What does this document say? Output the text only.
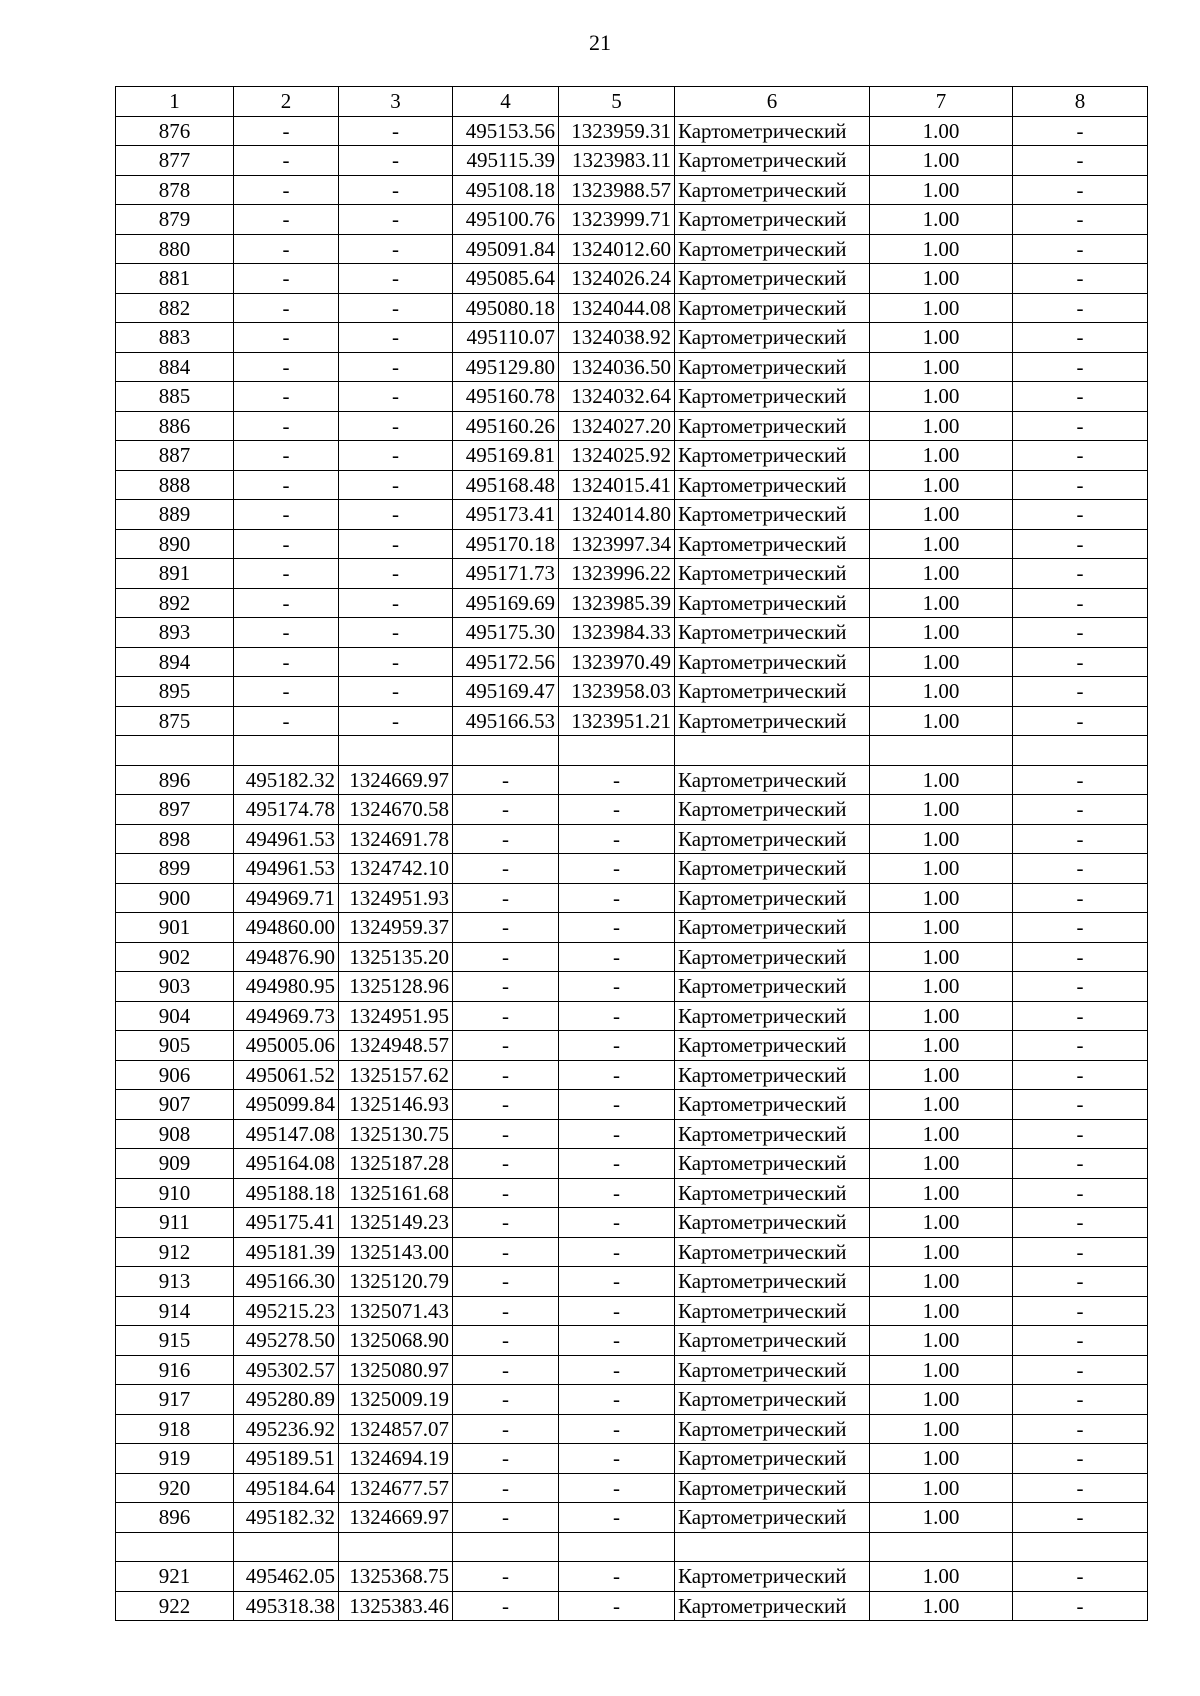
21
1	2	3	4	5	6	7	8
876	-	-	495153.56	1323959.31	Картометрический	1.00	-
877	-	-	495115.39	1323983.11	Картометрический	1.00	-
878	-	-	495108.18	1323988.57	Картометрический	1.00	-
879	-	-	495100.76	1323999.71	Картометрический	1.00	-
880	-	-	495091.84	1324012.60	Картометрический	1.00	-
881	-	-	495085.64	1324026.24	Картометрический	1.00	-
882	-	-	495080.18	1324044.08	Картометрический	1.00	-
883	-	-	495110.07	1324038.92	Картометрический	1.00	-
884	-	-	495129.80	1324036.50	Картометрический	1.00	-
885	-	-	495160.78	1324032.64	Картометрический	1.00	-
886	-	-	495160.26	1324027.20	Картометрический	1.00	-
887	-	-	495169.81	1324025.92	Картометрический	1.00	-
888	-	-	495168.48	1324015.41	Картометрический	1.00	-
889	-	-	495173.41	1324014.80	Картометрический	1.00	-
890	-	-	495170.18	1323997.34	Картометрический	1.00	-
891	-	-	495171.73	1323996.22	Картометрический	1.00	-
892	-	-	495169.69	1323985.39	Картометрический	1.00	-
893	-	-	495175.30	1323984.33	Картометрический	1.00	-
894	-	-	495172.56	1323970.49	Картометрический	1.00	-
895	-	-	495169.47	1323958.03	Картометрический	1.00	-
875	-	-	495166.53	1323951.21	Картометрический	1.00	-

896	495182.32	1324669.97	-	-	Картометрический	1.00	-
897	495174.78	1324670.58	-	-	Картометрический	1.00	-
898	494961.53	1324691.78	-	-	Картометрический	1.00	-
899	494961.53	1324742.10	-	-	Картометрический	1.00	-
900	494969.71	1324951.93	-	-	Картометрический	1.00	-
901	494860.00	1324959.37	-	-	Картометрический	1.00	-
902	494876.90	1325135.20	-	-	Картометрический	1.00	-
903	494980.95	1325128.96	-	-	Картометрический	1.00	-
904	494969.73	1324951.95	-	-	Картометрический	1.00	-
905	495005.06	1324948.57	-	-	Картометрический	1.00	-
906	495061.52	1325157.62	-	-	Картометрический	1.00	-
907	495099.84	1325146.93	-	-	Картометрический	1.00	-
908	495147.08	1325130.75	-	-	Картометрический	1.00	-
909	495164.08	1325187.28	-	-	Картометрический	1.00	-
910	495188.18	1325161.68	-	-	Картометрический	1.00	-
911	495175.41	1325149.23	-	-	Картометрический	1.00	-
912	495181.39	1325143.00	-	-	Картометрический	1.00	-
913	495166.30	1325120.79	-	-	Картометрический	1.00	-
914	495215.23	1325071.43	-	-	Картометрический	1.00	-
915	495278.50	1325068.90	-	-	Картометрический	1.00	-
916	495302.57	1325080.97	-	-	Картометрический	1.00	-
917	495280.89	1325009.19	-	-	Картометрический	1.00	-
918	495236.92	1324857.07	-	-	Картометрический	1.00	-
919	495189.51	1324694.19	-	-	Картометрический	1.00	-
920	495184.64	1324677.57	-	-	Картометрический	1.00	-
896	495182.32	1324669.97	-	-	Картометрический	1.00	-

921	495462.05	1325368.75	-	-	Картометрический	1.00	-
922	495318.38	1325383.46	-	-	Картометрический	1.00	-
